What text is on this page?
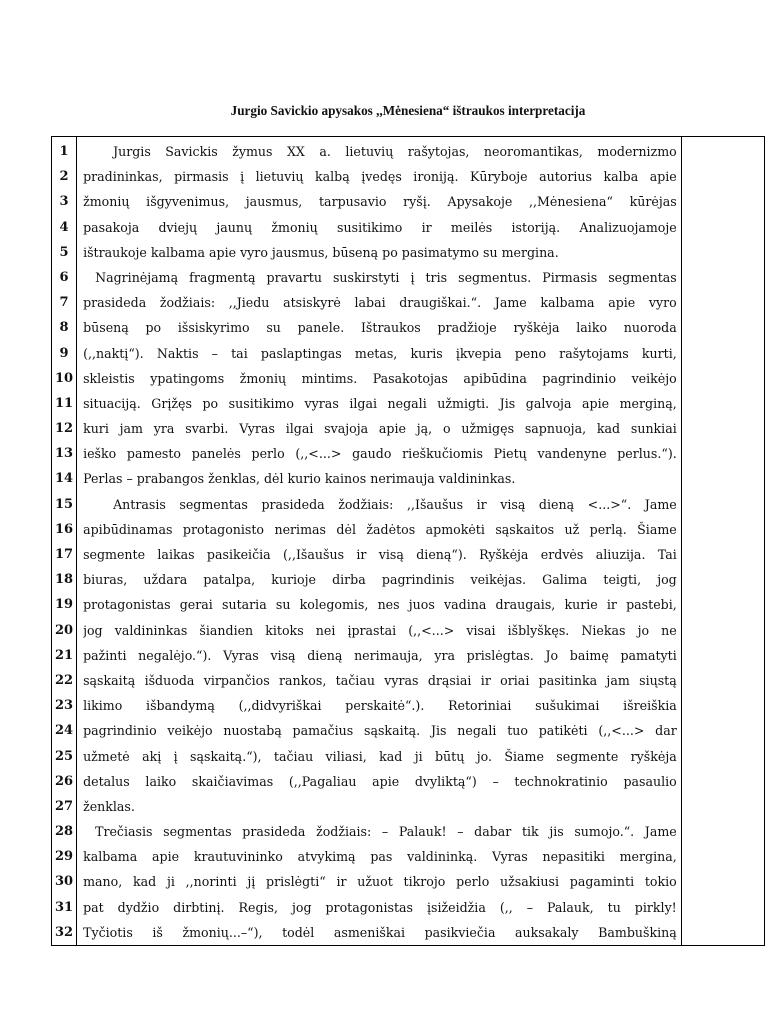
Jurgio Savickio apysakos ,,Mėnesiena“ ištraukos interpretacija
1
2
3
4
5
6
7
8
9
10
11
12
13
14
15
16
17
18
19
20
21
22
23
24
25
26
27
28
29
30
31
32

Jurgis Savickis žymus XX a. lietuvių rašytojas, neoromantikas, modernizmo
pradininkas, pirmasis į lietuvių kalbą įvedęs ironiją. Kūryboje autorius kalba apie
žmonių išgyvenimus, jausmus, tarpusavio ryšį. Apysakoje ,,Mėnesiena“ kūrėjas
pasakoja dviejų jaunų žmonių susitikimo ir meilės istoriją. Analizuojamoje
ištraukoje kalbama apie vyro jausmus, būseną po pasimatymo su mergina.
Nagrinėjamą fragmentą pravartu suskirstyti į tris segmentus. Pirmasis segmentas
prasideda žodžiais: ,,Jiedu atsiskyrė labai draugiškai.“. Jame kalbama apie vyro
būseną po išsiskyrimo su panele. Ištraukos pradžioje ryškėja laiko nuoroda
(,,naktį“). Naktis – tai paslaptingas metas, kuris įkvepia peno rašytojams kurti,
skleistis ypatingoms žmonių mintims. Pasakotojas apibūdina pagrindinio veikėjo
situaciją. Grįžęs po susitikimo vyras ilgai negali užmigti. Jis galvoja apie merginą,
kuri jam yra svarbi. Vyras ilgai svajoja apie ją, o užmigęs sapnuoja, kad sunkiai
ieško pamesto panelės perlo (,,<...> gaudo rieškučiomis Pietų vandenyne perlus.“).
Perlas – prabangos ženklas, dėl kurio kainos nerimauja valdininkas.
Antrasis segmentas prasideda žodžiais: ,,Išaušus ir visą dieną <...>“. Jame
apibūdinamas protagonisto nerimas dėl žadėtos apmokėti sąskaitos už perlą. Šiame
segmente laikas pasikeičia (,,Išaušus ir visą dieną“). Ryškėja erdvės aliuzija. Tai
biuras, uždara patalpa, kurioje dirba pagrindinis veikėjas. Galima teigti, jog
protagonistas gerai sutaria su kolegomis, nes juos vadina draugais, kurie ir pastebi,
jog valdininkas šiandien kitoks nei įprastai (,,<...> visai išblyškęs. Niekas jo ne
pažinti negalėjo.“). Vyras visą dieną nerimauja, yra prislėgtas. Jo baimę pamatyti
sąskaitą išduoda virpančios rankos, tačiau vyras drąsiai ir oriai pasitinka jam siųstą
likimo išbandymą (,,didvyriškai perskaitė“.). Retoriniai sušukimai išreiškia
pagrindinio veikėjo nuostabą pamačius sąskaitą. Jis negali tuo patikėti (,,<...> dar
užmetė akį į sąskaitą.“), tačiau viliasi, kad ji būtų jo. Šiame segmente ryškėja
detalus laiko skaičiavimas (,,Pagaliau apie dvyliktą“) – technokratinio pasaulio
ženklas.
Trečiasis segmentas prasideda žodžiais: – Palauk! – dabar tik jis sumojo.“. Jame
kalbama apie krautuvininko atvykimą pas valdininką. Vyras nepasitiki mergina,
mano, kad ji ,,norinti jį prislėgti“ ir užuot tikrojo perlo užsakiusi pagaminti tokio
pat dydžio dirbtinį. Regis, jog protagonistas įsižeidžia (,, – Palauk, tu pirkly!
Tyčiotis iš žmonių...–“), todėl asmeniškai pasikviečia auksakaly Bambuškiną
